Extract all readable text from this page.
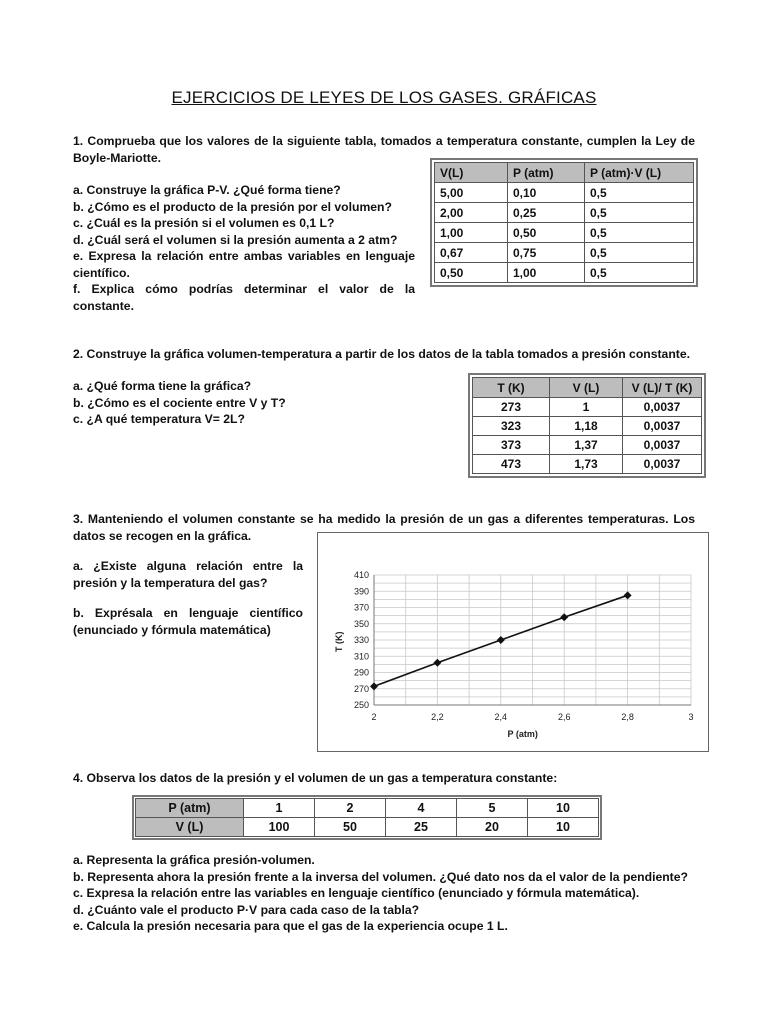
EJERCICIOS DE LEYES DE LOS GASES. GRÁFICAS
1. Comprueba que los valores de la siguiente tabla, tomados a temperatura constante, cumplen la Ley de Boyle-Mariotte.
a. Construye la gráfica P-V. ¿Qué forma tiene?
b. ¿Cómo es el producto de la presión por el volumen?
c. ¿Cuál es la presión si el volumen es 0,1 L?
d. ¿Cuál será el volumen si la presión aumenta a 2 atm?
e. Expresa la relación entre ambas variables en lenguaje científico.
f. Explica cómo podrías determinar el valor de la constante.
V(L)	P (atm)	P (atm)·V (L)
5,00	0,10	0,5
2,00	0,25	0,5
1,00	0,50	0,5
0,67	0,75	0,5
0,50	1,00	0,5
2. Construye la gráfica volumen-temperatura a partir de los datos de la tabla tomados a presión constante.
a. ¿Qué forma tiene la gráfica?
b. ¿Cómo es el cociente entre V y T?
c. ¿A qué temperatura V= 2L?
T (K)	V (L)	V (L)/ T (K)
273	1	0,0037
323	1,18	0,0037
373	1,37	0,0037
473	1,73	0,0037
3. Manteniendo el volumen constante se ha medido la presión de un gas a diferentes temperaturas. Los datos se recogen en la gráfica.
a. ¿Existe alguna relación entre la presión y la temperatura del gas?
b. Exprésala en lenguaje científico (enunciado y fórmula matemática)
250
270
290
310
330
350
370
390
410
2	2,2	2,4	2,6	2,8	3
P (atm)
T (K)
4. Observa los datos de la presión y el volumen de un gas a temperatura constante:
P (atm)	1	2	4	5	10
V (L)	100	50	25	20	10
a. Representa la gráfica presión-volumen.
b. Representa ahora la presión frente a la inversa del volumen. ¿Qué dato nos da el valor de la pendiente?
c. Expresa la relación entre las variables en lenguaje científico (enunciado y fórmula matemática).
d. ¿Cuánto vale el producto P·V para cada caso de la tabla?
e. Calcula la presión necesaria para que el gas de la experiencia ocupe 1 L.
